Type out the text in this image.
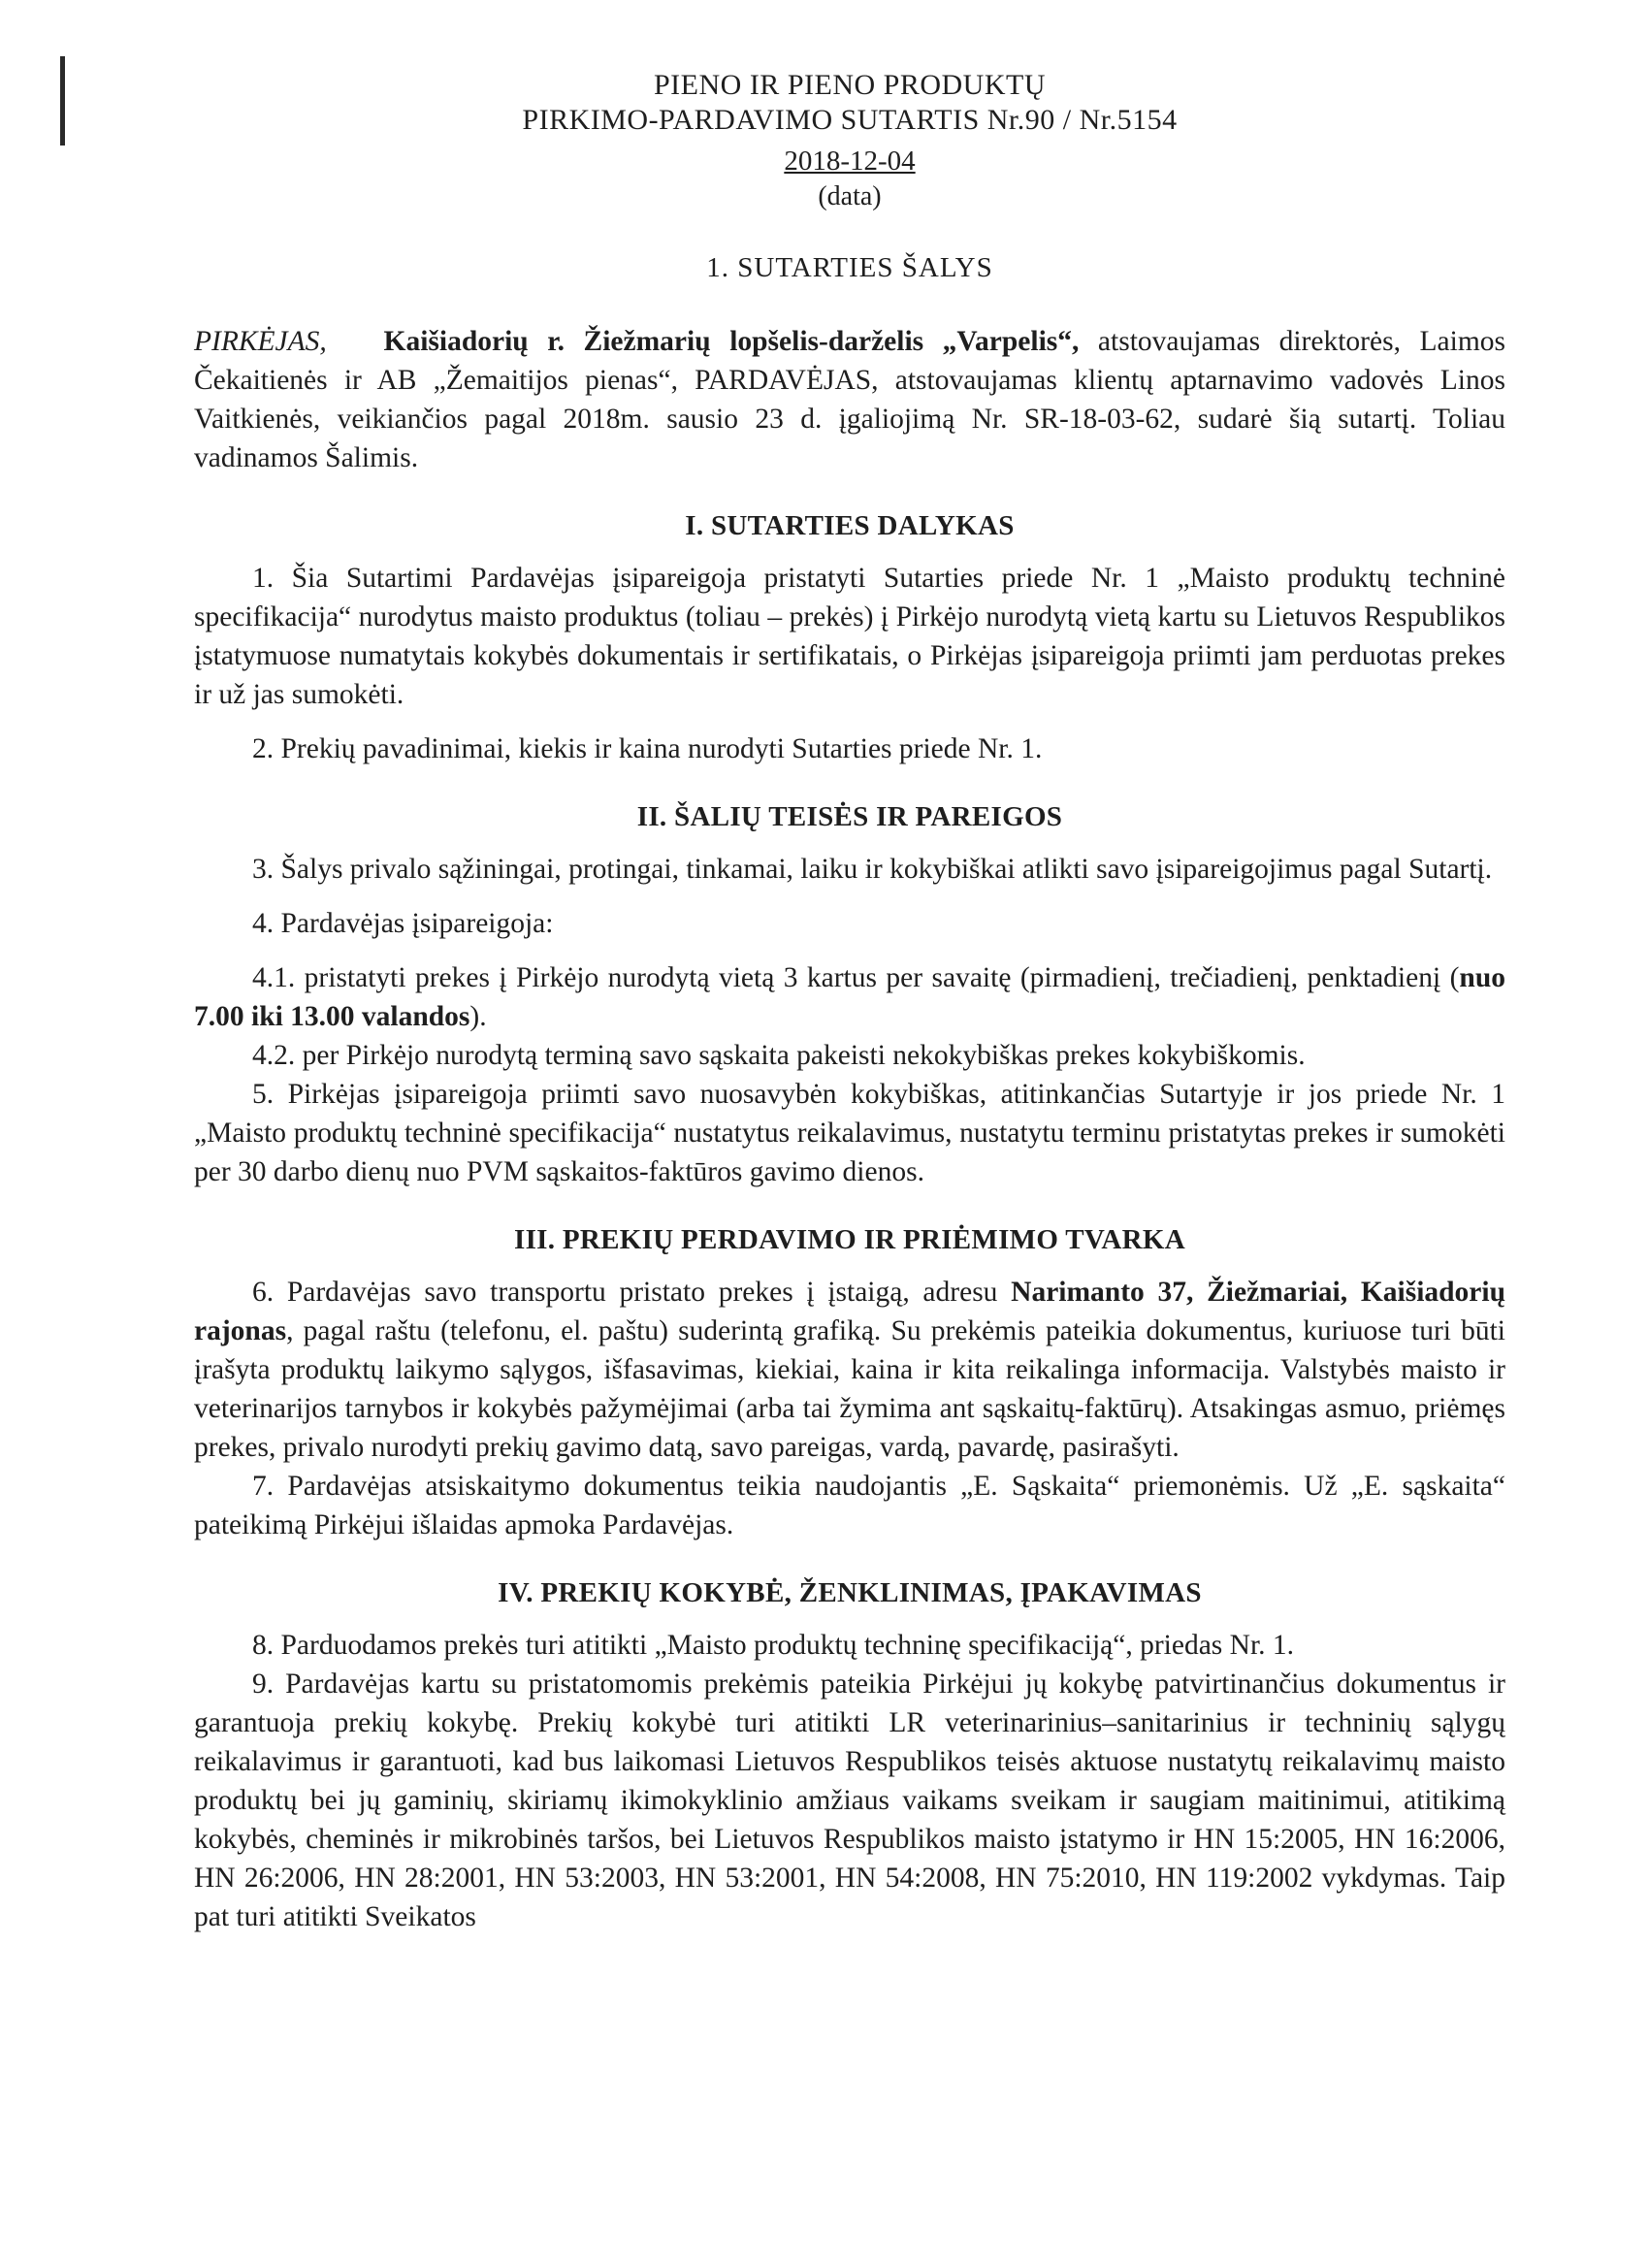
PIENO IR PIENO PRODUKTŲ
PIRKIMO-PARDAVIMO SUTARTIS Nr.90 / Nr.5154
2018-12-04
(data)
1. SUTARTIES ŠALYS

PIRKĖJAS, Kaišiadorių r. Žiežmarių lopšelis-darželis „Varpelis“, atstovaujamas direktorės, Laimos Čekaitienės ir AB „Žemaitijos pienas“, PARDAVĖJAS, atstovaujamas klientų aptarnavimo vadovės Linos Vaitkienės, veikiančios pagal 2018m. sausio 23 d. įgaliojimą Nr. SR-18-03-62, sudarė šią sutartį. Toliau vadinamos Šalimis.

I. SUTARTIES DALYKAS

1. Šia Sutartimi Pardavėjas įsipareigoja pristatyti Sutarties priede Nr. 1 „Maisto produktų techninė specifikacija“ nurodytus maisto produktus (toliau – prekės) į Pirkėjo nurodytą vietą kartu su Lietuvos Respublikos įstatymuose numatytais kokybės dokumentais ir sertifikatais, o Pirkėjas įsipareigoja priimti jam perduotas prekes ir už jas sumokėti.

2. Prekių pavadinimai, kiekis ir kaina nurodyti Sutarties priede Nr. 1.

II. ŠALIŲ TEISĖS IR PAREIGOS

3. Šalys privalo sąžiningai, protingai, tinkamai, laiku ir kokybiškai atlikti savo įsipareigojimus pagal Sutartį.

4. Pardavėjas įsipareigoja:

4.1. pristatyti prekes į Pirkėjo nurodytą vietą 3 kartus per savaitę (pirmadienį, trečiadienį, penktadienį (nuo 7.00 iki 13.00 valandos).

4.2. per Pirkėjo nurodytą terminą savo sąskaita pakeisti nekokybiškas prekes kokybiškomis.

5. Pirkėjas įsipareigoja priimti savo nuosavybėn kokybiškas, atitinkančias Sutartyje ir jos priede Nr. 1 „Maisto produktų techninė specifikacija“ nustatytus reikalavimus, nustatytu terminu pristatytas prekes ir sumokėti per 30 darbo dienų nuo PVM sąskaitos-faktūros gavimo dienos.

III. PREKIŲ PERDAVIMO IR PRIĖMIMO TVARKA

6. Pardavėjas savo transportu pristato prekes į įstaigą, adresu Narimanto 37, Žiežmariai, Kaišiadorių rajonas, pagal raštu (telefonu, el. paštu) suderintą grafiką. Su prekėmis pateikia dokumentus, kuriuose turi būti įrašyta produktų laikymo sąlygos, išfasavimas, kiekiai, kaina ir kita reikalinga informacija. Valstybės maisto ir veterinarijos tarnybos ir kokybės pažymėjimai (arba tai žymima ant sąskaitų-faktūrų). Atsakingas asmuo, priėmęs prekes, privalo nurodyti prekių gavimo datą, savo pareigas, vardą, pavardę, pasirašyti.

7. Pardavėjas atsiskaitymo dokumentus teikia naudojantis „E. Sąskaita“ priemonėmis. Už „E. sąskaita“ pateikimą Pirkėjui išlaidas apmoka Pardavėjas.

IV. PREKIŲ KOKYBĖ, ŽENKLINIMAS, ĮPAKAVIMAS

8. Parduodamos prekės turi atitikti „Maisto produktų techninę specifikaciją“, priedas Nr. 1.

9. Pardavėjas kartu su pristatomomis prekėmis pateikia Pirkėjui jų kokybę patvirtinančius dokumentus ir garantuoja prekių kokybę. Prekių kokybė turi atitikti LR veterinarinius–sanitarinius ir techninių sąlygų reikalavimus ir garantuoti, kad bus laikomasi Lietuvos Respublikos teisės aktuose nustatytų reikalavimų maisto produktų bei jų gaminių, skiriamų ikimokyklinio amžiaus vaikams sveikam ir saugiam maitinimui, atitikimą kokybės, cheminės ir mikrobinės taršos, bei Lietuvos Respublikos maisto įstatymo ir HN 15:2005, HN 16:2006, HN 26:2006, HN 28:2001, HN 53:2003, HN 53:2001, HN 54:2008, HN 75:2010, HN 119:2002 vykdymas. Taip pat turi atitikti Sveikatos
